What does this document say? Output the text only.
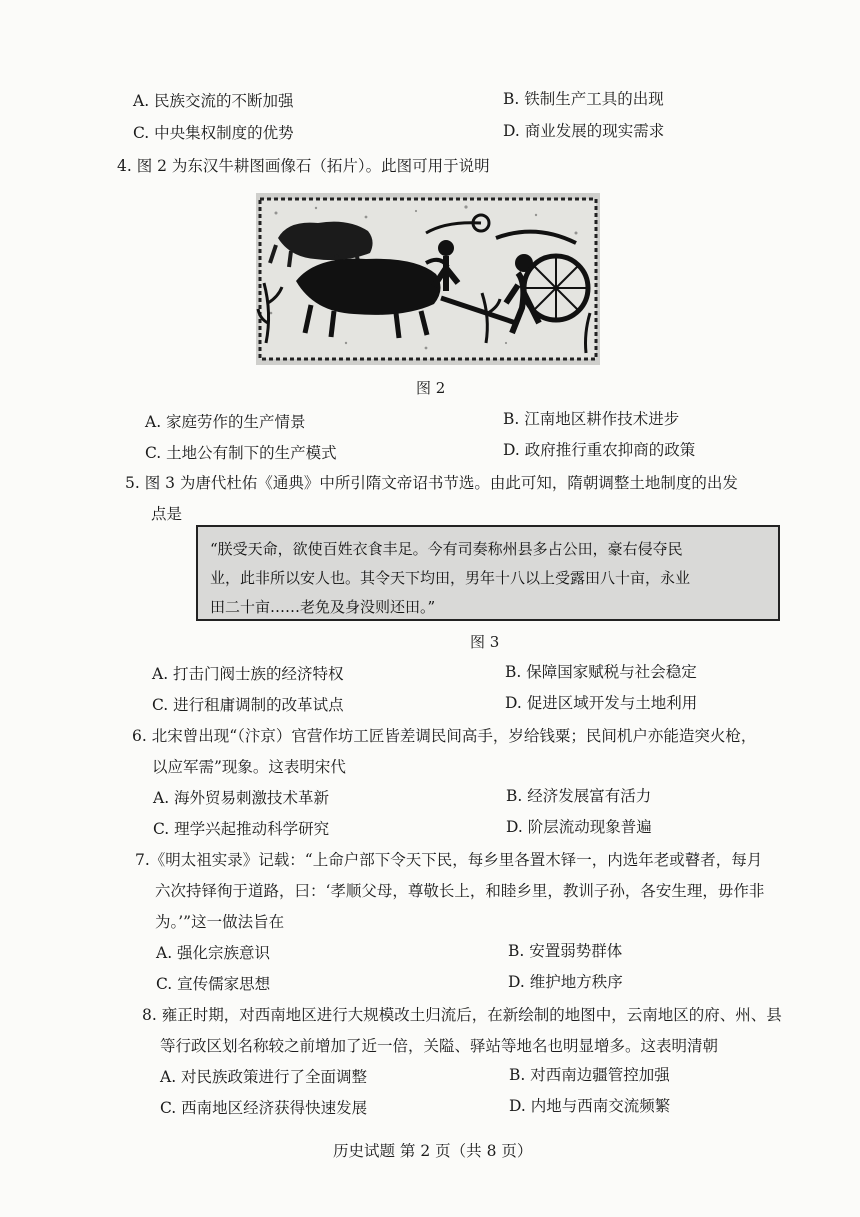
A. 民族交流的不断加强	B. 铁制生产工具的出现
C. 中央集权制度的优势	D. 商业发展的现实需求
4. 图 2 为东汉牛耕图画像石（拓片）。此图可用于说明
图 2
A. 家庭劳作的生产情景	B. 江南地区耕作技术进步
C. 土地公有制下的生产模式	D. 政府推行重农抑商的政策
5. 图 3 为唐代杜佑《通典》中所引隋文帝诏书节选。由此可知，隋朝调整土地制度的出发
点是
“朕受天命，欲使百姓衣食丰足。今有司奏称州县多占公田，豪右侵夺民
业，此非所以安人也。其令天下均田，男年十八以上受露田八十亩，永业
田二十亩……老免及身没则还田。”
图 3
A. 打击门阀士族的经济特权	B. 保障国家赋税与社会稳定
C. 进行租庸调制的改革试点	D. 促进区域开发与土地利用
6. 北宋曾出现“（汴京）官营作坊工匠皆差调民间高手，岁给钱粟；民间机户亦能造突火枪，
以应军需”现象。这表明宋代
A. 海外贸易刺激技术革新	B. 经济发展富有活力
C. 理学兴起推动科学研究	D. 阶层流动现象普遍
7.《明太祖实录》记载：“上命户部下令天下民，每乡里各置木铎一，内选年老或瞽者，每月
六次持铎徇于道路，曰：‘孝顺父母，尊敬长上，和睦乡里，教训子孙，各安生理，毋作非
为。’”这一做法旨在
A. 强化宗族意识	B. 安置弱势群体
C. 宣传儒家思想	D. 维护地方秩序
8. 雍正时期，对西南地区进行大规模改土归流后，在新绘制的地图中，云南地区的府、州、县
等行政区划名称较之前增加了近一倍，关隘、驿站等地名也明显增多。这表明清朝
A. 对民族政策进行了全面调整	B. 对西南边疆管控加强
C. 西南地区经济获得快速发展	D. 内地与西南交流频繁
历史试题 第 2 页（共 8 页）
